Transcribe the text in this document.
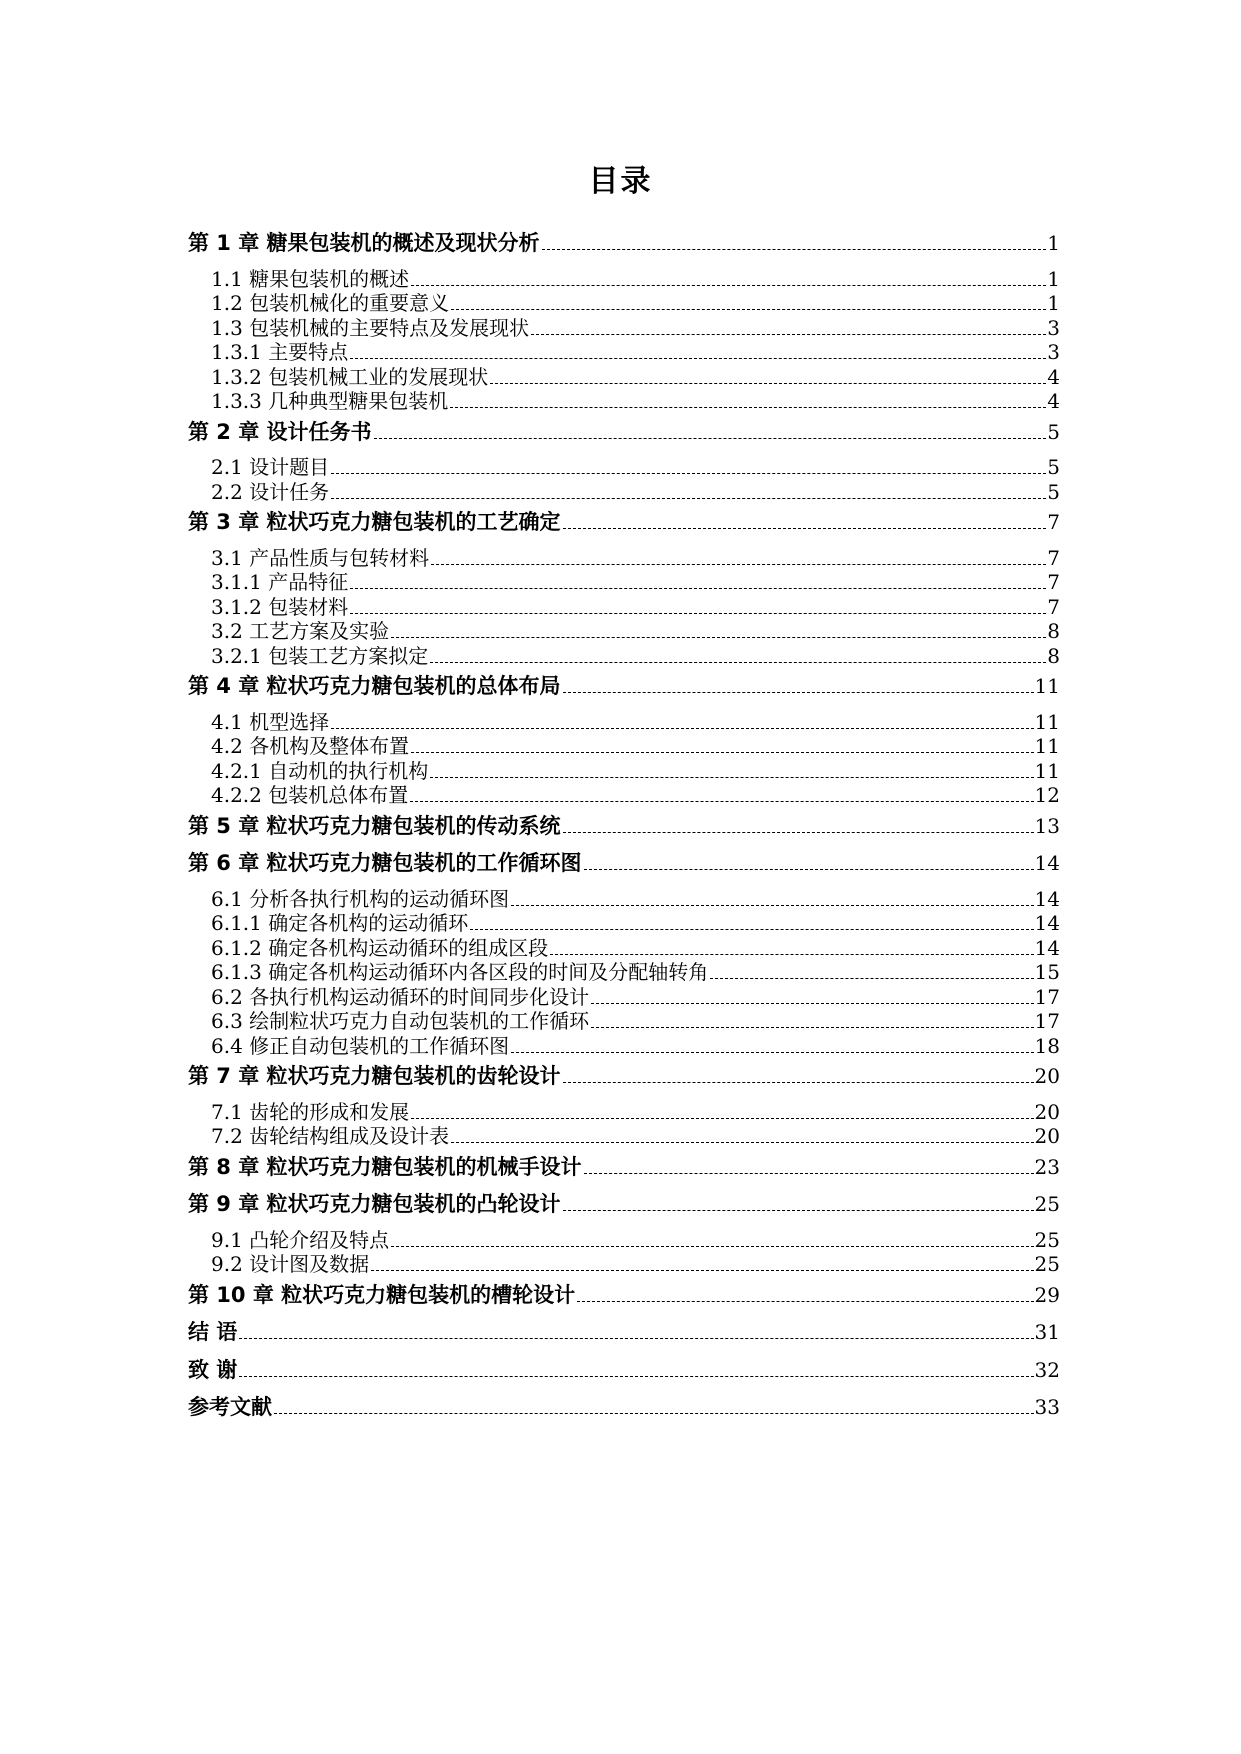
目录
第 1 章 糖果包装机的概述及现状分析	1
1.1 糖果包装机的概述	1
1.2 包装机械化的重要意义	1
1.3 包装机械的主要特点及发展现状	3
1.3.1 主要特点	3
1.3.2 包装机械工业的发展现状	4
1.3.3 几种典型糖果包装机	4
第 2 章 设计任务书	5
2.1 设计题目	5
2.2 设计任务	5
第 3 章 粒状巧克力糖包装机的工艺确定	7
3.1 产品性质与包转材料	7
3.1.1 产品特征	7
3.1.2 包装材料	7
3.2 工艺方案及实验	8
3.2.1 包装工艺方案拟定	8
第 4 章 粒状巧克力糖包装机的总体布局	11
4.1 机型选择	11
4.2 各机构及整体布置	11
4.2.1 自动机的执行机构	11
4.2.2 包装机总体布置	12
第 5 章 粒状巧克力糖包装机的传动系统	13
第 6 章 粒状巧克力糖包装机的工作循环图	14
6.1 分析各执行机构的运动循环图	14
6.1.1 确定各机构的运动循环	14
6.1.2 确定各机构运动循环的组成区段	14
6.1.3 确定各机构运动循环内各区段的时间及分配轴转角	15
6.2 各执行机构运动循环的时间同步化设计	17
6.3 绘制粒状巧克力自动包装机的工作循环	17
6.4 修正自动包装机的工作循环图	18
第 7 章 粒状巧克力糖包装机的齿轮设计	20
7.1 齿轮的形成和发展	20
7.2 齿轮结构组成及设计表	20
第 8 章 粒状巧克力糖包装机的机械手设计	23
第 9 章 粒状巧克力糖包装机的凸轮设计	25
9.1 凸轮介绍及特点	25
9.2 设计图及数据	25
第 10 章 粒状巧克力糖包装机的槽轮设计	29
结 语	31
致 谢	32
参考文献	33
